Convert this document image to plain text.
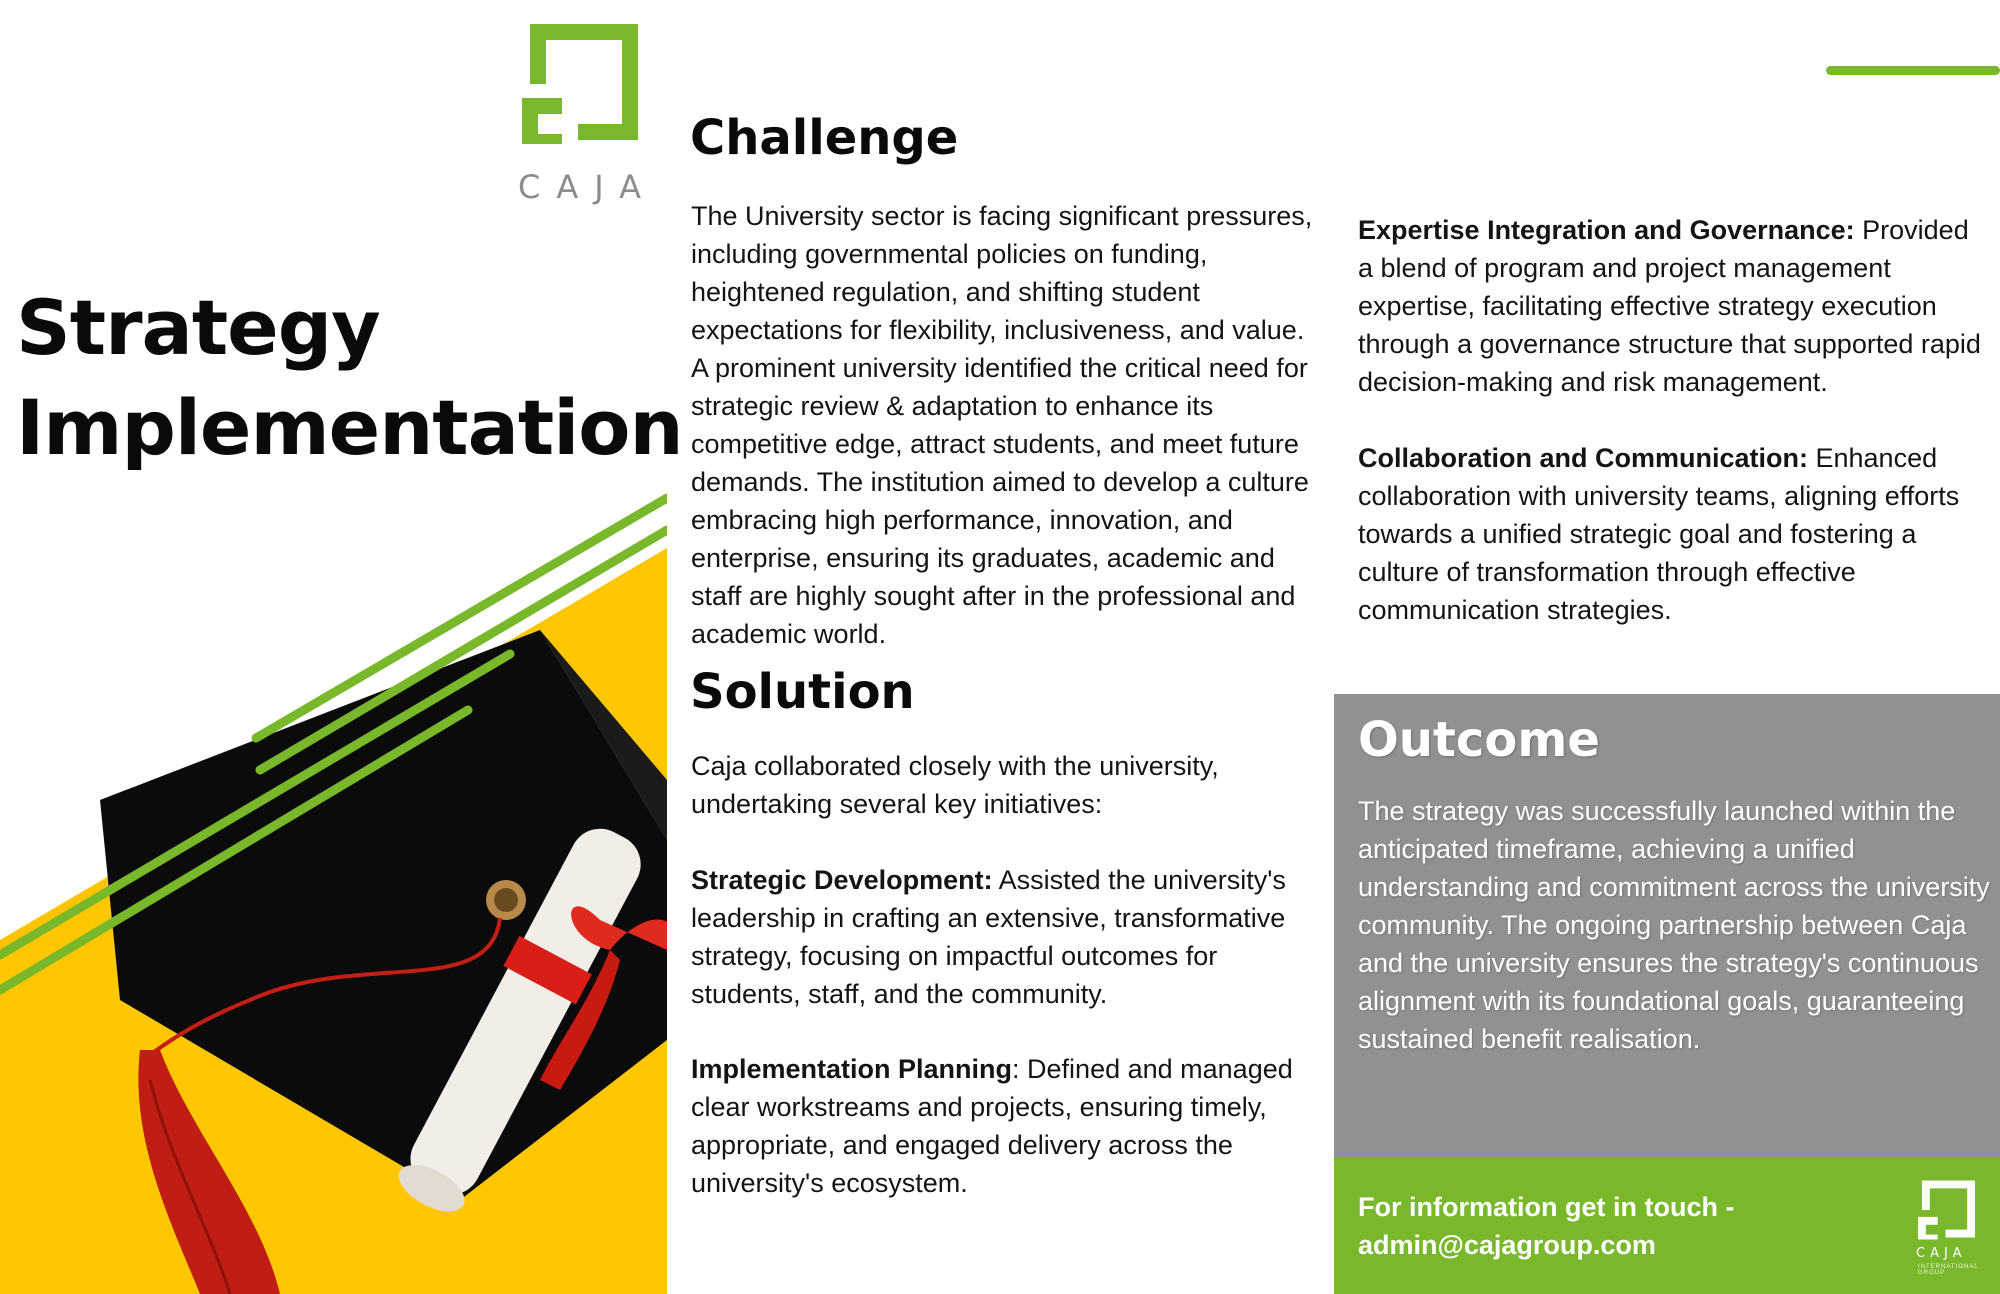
CAJA
Strategy
Implementation
Challenge

The University sector is facing significant pressures, including governmental policies on funding, heightened regulation, and shifting student expectations for flexibility, inclusiveness, and value. A prominent university identified the critical need for strategic review & adaptation to enhance its competitive edge, attract students, and meet future demands. The institution aimed to develop a culture embracing high performance, innovation, and enterprise, ensuring its graduates, academic and staff are highly sought after in the professional and academic world.

Solution

Caja collaborated closely with the university, undertaking several key initiatives:

Strategic Development: Assisted the university's leadership in crafting an extensive, transformative strategy, focusing on impactful outcomes for students, staff, and the community.

Implementation Planning: Defined and managed clear workstreams and projects, ensuring timely, appropriate, and engaged delivery across the university's ecosystem.

Expertise Integration and Governance: Provided a blend of program and project management expertise, facilitating effective strategy execution through a governance structure that supported rapid decision-making and risk management.

Collaboration and Communication: Enhanced collaboration with university teams, aligning efforts towards a unified strategic goal and fostering a culture of transformation through effective communication strategies.

Outcome

The strategy was successfully launched within the anticipated timeframe, achieving a unified understanding and commitment across the university community. The ongoing partnership between Caja and the university ensures the strategy's continuous alignment with its foundational goals, guaranteeing sustained benefit realisation.

For information get in touch -
admin@cajagroup.com	CAJA
INTERNATIONAL GROUP
